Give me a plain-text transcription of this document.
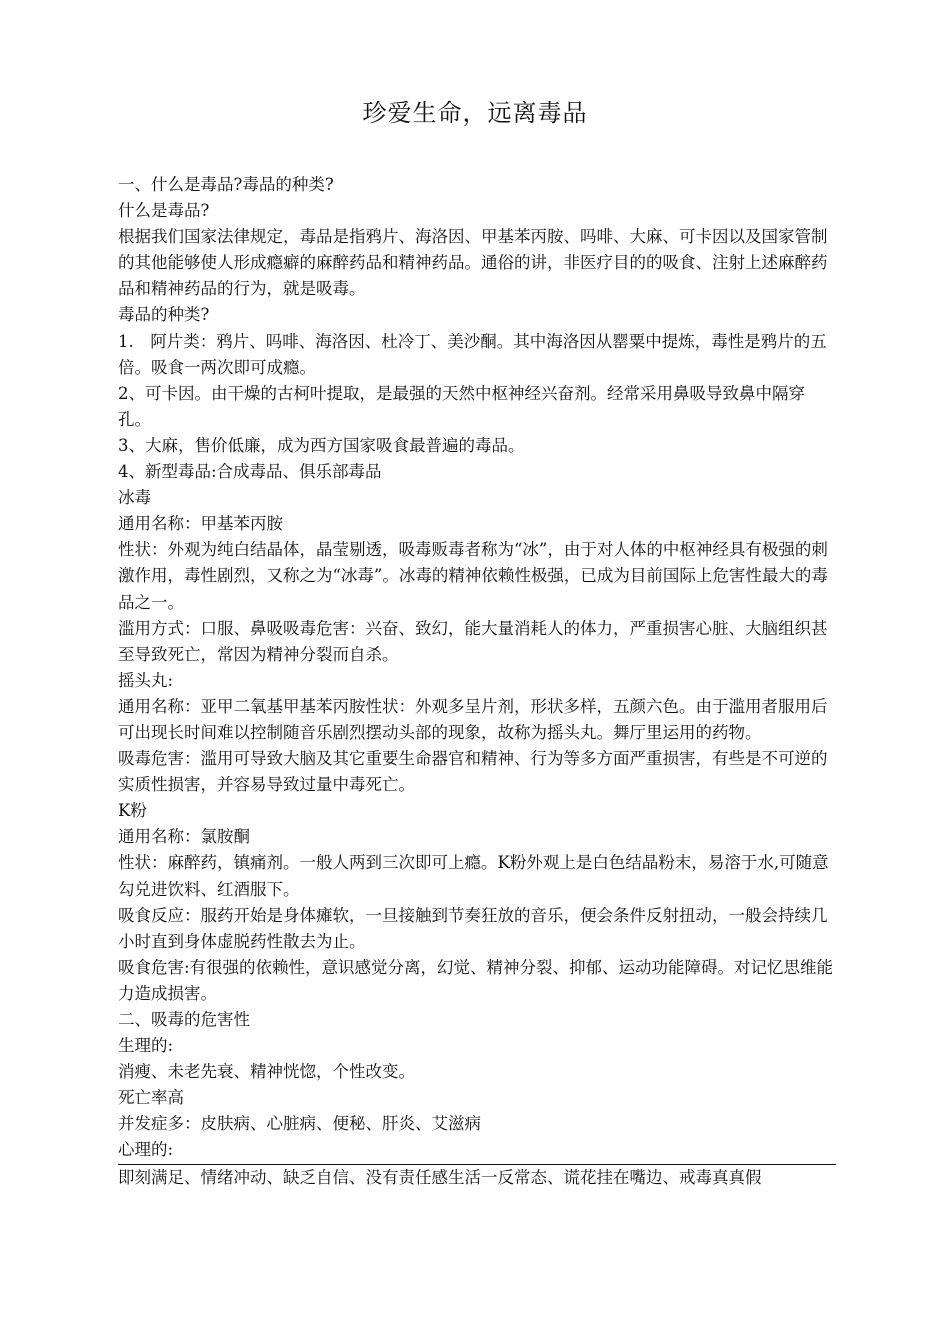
珍爱生命，远离毒品

一、什么是毒品?毒品的种类?

什么是毒品?

根据我们国家法律规定，毒品是指鸦片、海洛因、甲基苯丙胺、吗啡、大麻、可卡因以及国家管制的其他能够使人形成瘾癖的麻醉药品和精神药品。通俗的讲，非医疗目的的吸食、注射上述麻醉药品和精神药品的行为，就是吸毒。

毒品的种类?

1.　阿片类：鸦片、吗啡、海洛因、杜冷丁、美沙酮。其中海洛因从罂粟中提炼，毒性是鸦片的五倍。吸食一两次即可成瘾。

2、可卡因。由干燥的古柯叶提取，是最强的天然中枢神经兴奋剂。经常采用鼻吸导致鼻中隔穿孔。

3、大麻，售价低廉，成为西方国家吸食最普遍的毒品。

4、新型毒品:合成毒品、俱乐部毒品

冰毒

通用名称：甲基苯丙胺

性状：外观为纯白结晶体，晶莹剔透，吸毒贩毒者称为“冰”，由于对人体的中枢神经具有极强的刺激作用，毒性剧烈，又称之为“冰毒”。冰毒的精神依赖性极强，已成为目前国际上危害性最大的毒品之一。

滥用方式：口服、鼻吸吸毒危害：兴奋、致幻，能大量消耗人的体力，严重损害心脏、大脑组织甚至导致死亡，常因为精神分裂而自杀。

摇头丸:

通用名称：亚甲二氧基甲基苯丙胺性状：外观多呈片剂，形状多样，五颜六色。由于滥用者服用后可出现长时间难以控制随音乐剧烈摆动头部的现象，故称为摇头丸。舞厅里运用的药物。

吸毒危害：滥用可导致大脑及其它重要生命器官和精神、行为等多方面严重损害，有些是不可逆的实质性损害，并容易导致过量中毒死亡。

K粉

通用名称：氯胺酮

性状：麻醉药，镇痛剂。一般人两到三次即可上瘾。K粉外观上是白色结晶粉末，易溶于水,可随意勾兑进饮料、红酒服下。

吸食反应：服药开始是身体瘫软，一旦接触到节奏狂放的音乐，便会条件反射扭动，一般会持续几小时直到身体虚脱药性散去为止。

吸食危害:有很强的依赖性，意识感觉分离，幻觉、精神分裂、抑郁、运动功能障碍。对记忆思维能力造成损害。

二、吸毒的危害性

生理的:

消瘦、未老先衰、精神恍惚，个性改变。

死亡率高

并发症多：皮肤病、心脏病、便秘、肝炎、艾滋病

心理的:

即刻满足、情绪冲动、缺乏自信、没有责任感生活一反常态、谎花挂在嘴边、戒毒真真假
